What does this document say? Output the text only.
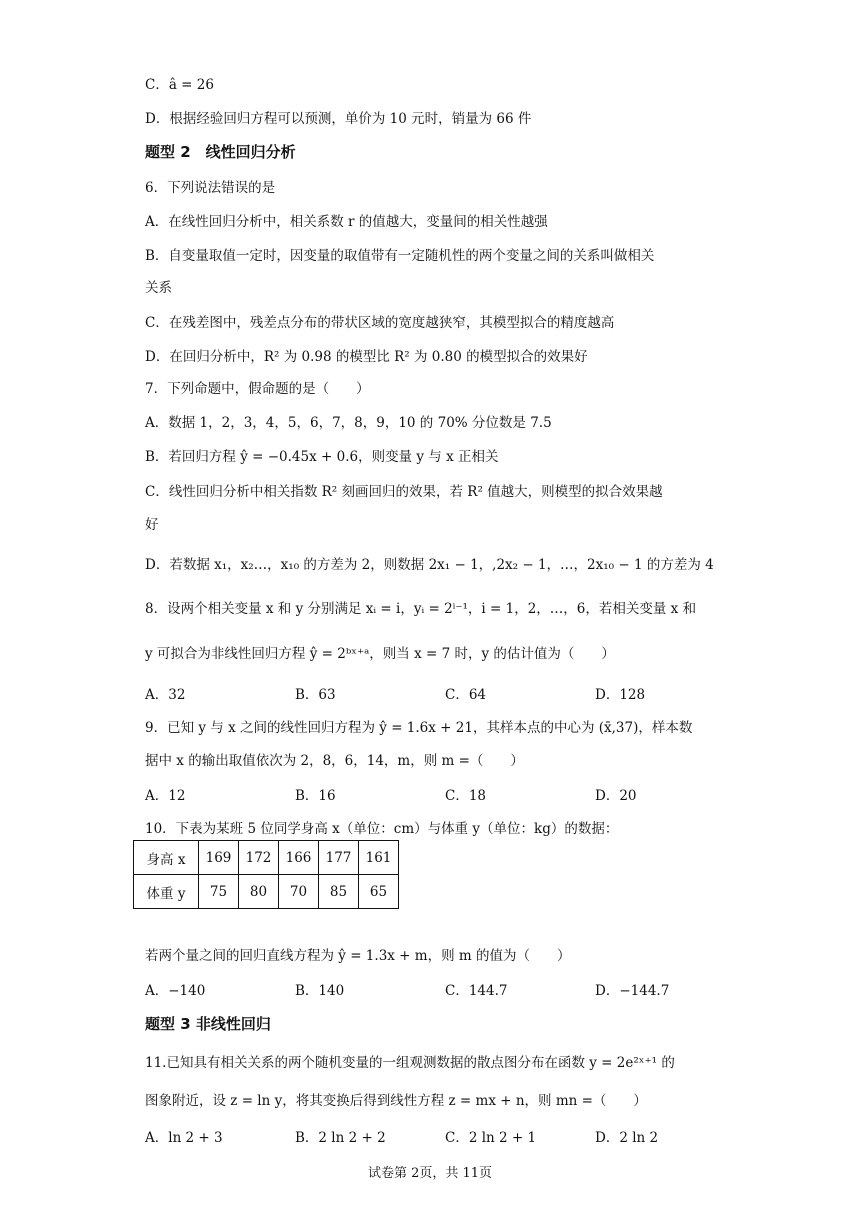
C．â = 26
D．根据经验回归方程可以预测，单价为 10 元时，销量为 66 件
题型 2　线性回归分析
6．下列说法错误的是
A．在线性回归分析中，相关系数 r 的值越大，变量间的相关性越强
B．自变量取值一定时，因变量的取值带有一定随机性的两个变量之间的关系叫做相关
关系
C．在残差图中，残差点分布的带状区域的宽度越狭窄，其模型拟合的精度越高
D．在回归分析中，R² 为 0.98 的模型比 R² 为 0.80 的模型拟合的效果好
7．下列命题中，假命题的是（　　）
A．数据 1，2，3，4，5，6，7，8，9，10 的 70% 分位数是 7.5
B．若回归方程 ŷ = −0.45x + 0.6，则变量 y 与 x 正相关
C．线性回归分析中相关指数 R² 刻画回归的效果，若 R² 值越大，则模型的拟合效果越
好
D．若数据 x₁，x₂…，x₁₀ 的方差为 2，则数据 2x₁ − 1，,2x₂ − 1，…，2x₁₀ − 1 的方差为 4
8．设两个相关变量 x 和 y 分别满足 xᵢ = i，yᵢ = 2ⁱ⁻¹，i = 1，2，…，6，若相关变量 x 和
y 可拟合为非线性回归方程 ŷ = 2ᵇˣ⁺ᵃ，则当 x = 7 时，y 的估计值为（　　）
A．32	B．63	C．64	D．128
9．已知 y 与 x 之间的线性回归方程为 ŷ = 1.6x + 21，其样本点的中心为 (x̄,37)，样本数
据中 x 的输出取值依次为 2，8，6，14，m，则 m =（　　）
A．12	B．16	C．18	D．20
10．下表为某班 5 位同学身高 x（单位：cm）与体重 y（单位：kg）的数据：
身高 x	169	172	166	177	161
体重 y	75	80	70	85	65
若两个量之间的回归直线方程为 ŷ = 1.3x + m，则 m 的值为（　　）
A．−140	B．140	C．144.7	D．−144.7
题型 3 非线性回归
11.已知具有相关关系的两个随机变量的一组观测数据的散点图分布在函数 y = 2e²ˣ⁺¹ 的
图象附近，设 z = ln y，将其变换后得到线性方程 z = mx + n，则 mn =（　　）
A．ln 2 + 3	B．2 ln 2 + 2	C．2 ln 2 + 1	D．2 ln 2
试卷第 2页，共 11页
